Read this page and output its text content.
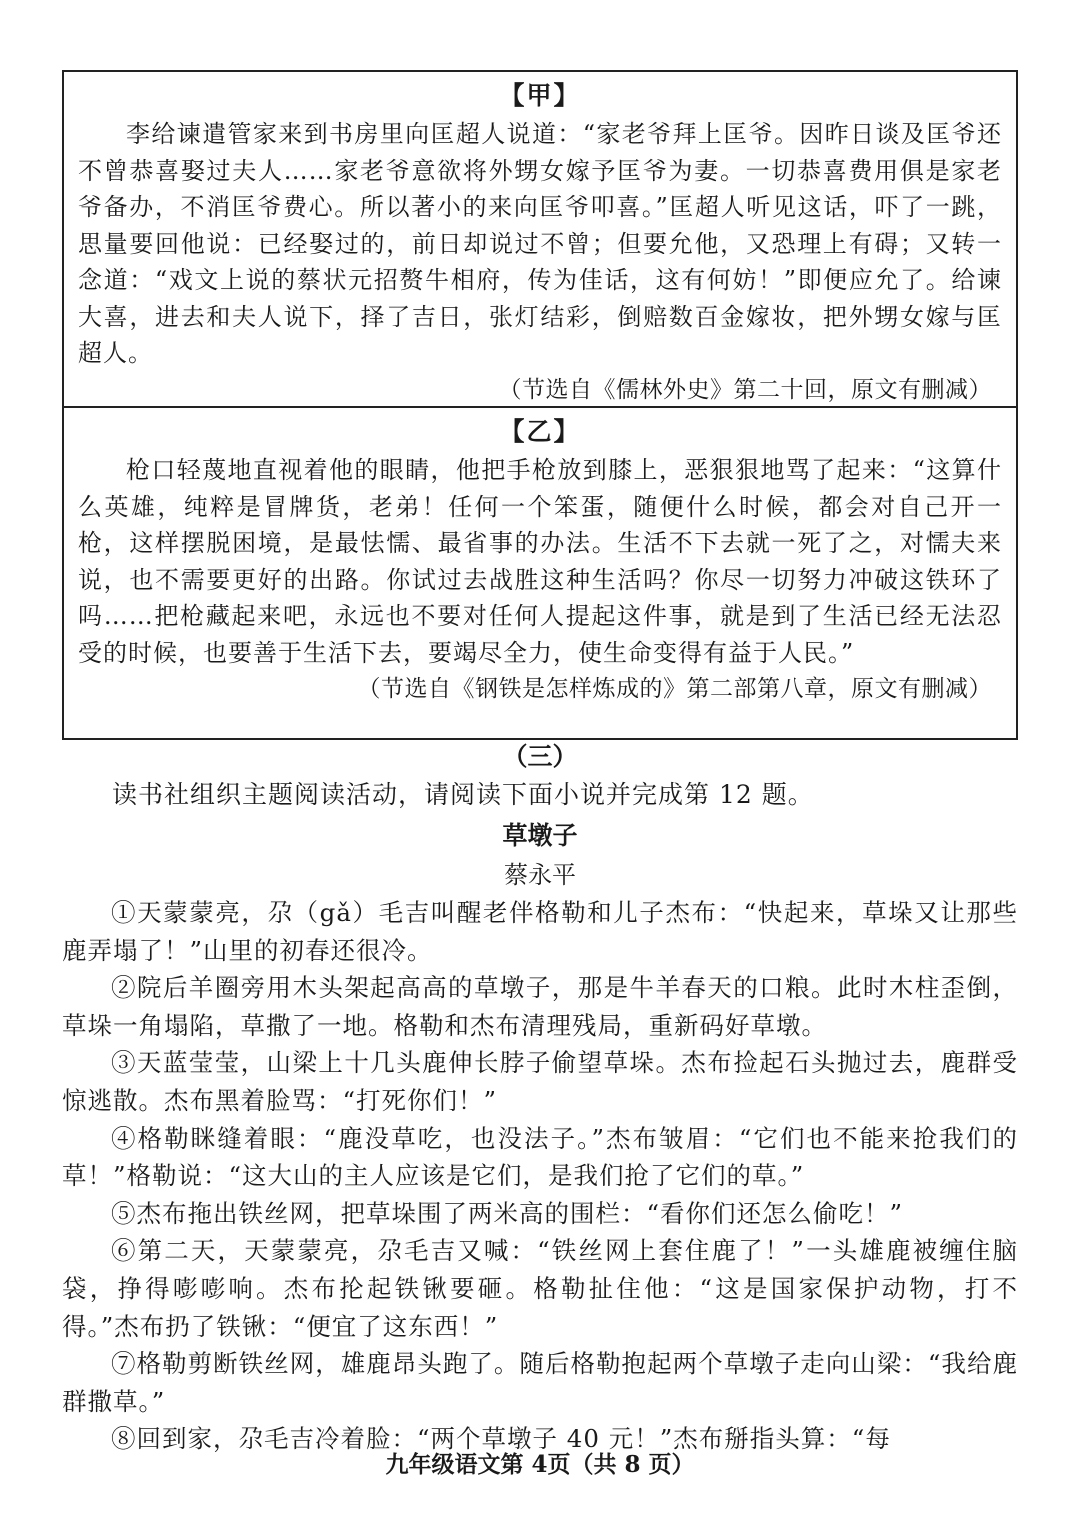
【甲】

李给谏遣管家来到书房里向匡超人说道：“家老爷拜上匡爷。因昨日谈及匡爷还不曾恭喜娶过夫人……家老爷意欲将外甥女嫁予匡爷为妻。一切恭喜费用俱是家老爷备办，不消匡爷费心。所以著小的来向匡爷叩喜。”匡超人听见这话，吓了一跳，思量要回他说：已经娶过的，前日却说过不曾；但要允他，又恐理上有碍；又转一念道：“戏文上说的蔡状元招赘牛相府，传为佳话，这有何妨！”即便应允了。给谏大喜，进去和夫人说下，择了吉日，张灯结彩，倒赔数百金嫁妆，把外甥女嫁与匡超人。

（节选自《儒林外史》第二十回，原文有删减）

【乙】

枪口轻蔑地直视着他的眼睛，他把手枪放到膝上，恶狠狠地骂了起来：“这算什么英雄，纯粹是冒牌货，老弟！任何一个笨蛋，随便什么时候，都会对自己开一枪，这样摆脱困境，是最怯懦、最省事的办法。生活不下去就一死了之，对懦夫来说，也不需要更好的出路。你试过去战胜这种生活吗？你尽一切努力冲破这铁环了吗……把枪藏起来吧，永远也不要对任何人提起这件事，就是到了生活已经无法忍受的时候，也要善于生活下去，要竭尽全力，使生命变得有益于人民。”

（节选自《钢铁是怎样炼成的》第二部第八章，原文有删减）

（三）

读书社组织主题阅读活动，请阅读下面小说并完成第 12 题。

草墩子
蔡永平

①天蒙蒙亮，尕（gǎ）毛吉叫醒老伴格勒和儿子杰布：“快起来，草垛又让那些鹿弄塌了！”山里的初春还很冷。

②院后羊圈旁用木头架起高高的草墩子，那是牛羊春天的口粮。此时木柱歪倒，草垛一角塌陷，草撒了一地。格勒和杰布清理残局，重新码好草墩。

③天蓝莹莹，山梁上十几头鹿伸长脖子偷望草垛。杰布捡起石头抛过去，鹿群受惊逃散。杰布黑着脸骂：“打死你们！”

④格勒眯缝着眼：“鹿没草吃，也没法子。”杰布皱眉：“它们也不能来抢我们的草！”格勒说：“这大山的主人应该是它们，是我们抢了它们的草。”

⑤杰布拖出铁丝网，把草垛围了两米高的围栏：“看你们还怎么偷吃！”

⑥第二天，天蒙蒙亮，尕毛吉又喊：“铁丝网上套住鹿了！”一头雄鹿被缠住脑袋，挣得嘭嘭响。杰布抡起铁锹要砸。格勒扯住他：“这是国家保护动物，打不得。”杰布扔了铁锹：“便宜了这东西！”

⑦格勒剪断铁丝网，雄鹿昂头跑了。随后格勒抱起两个草墩子走向山梁：“我给鹿群撒草。”

⑧回到家，尕毛吉冷着脸：“两个草墩子 40 元！”杰布掰指头算：“每

九年级语文第 4页（共 8 页）
